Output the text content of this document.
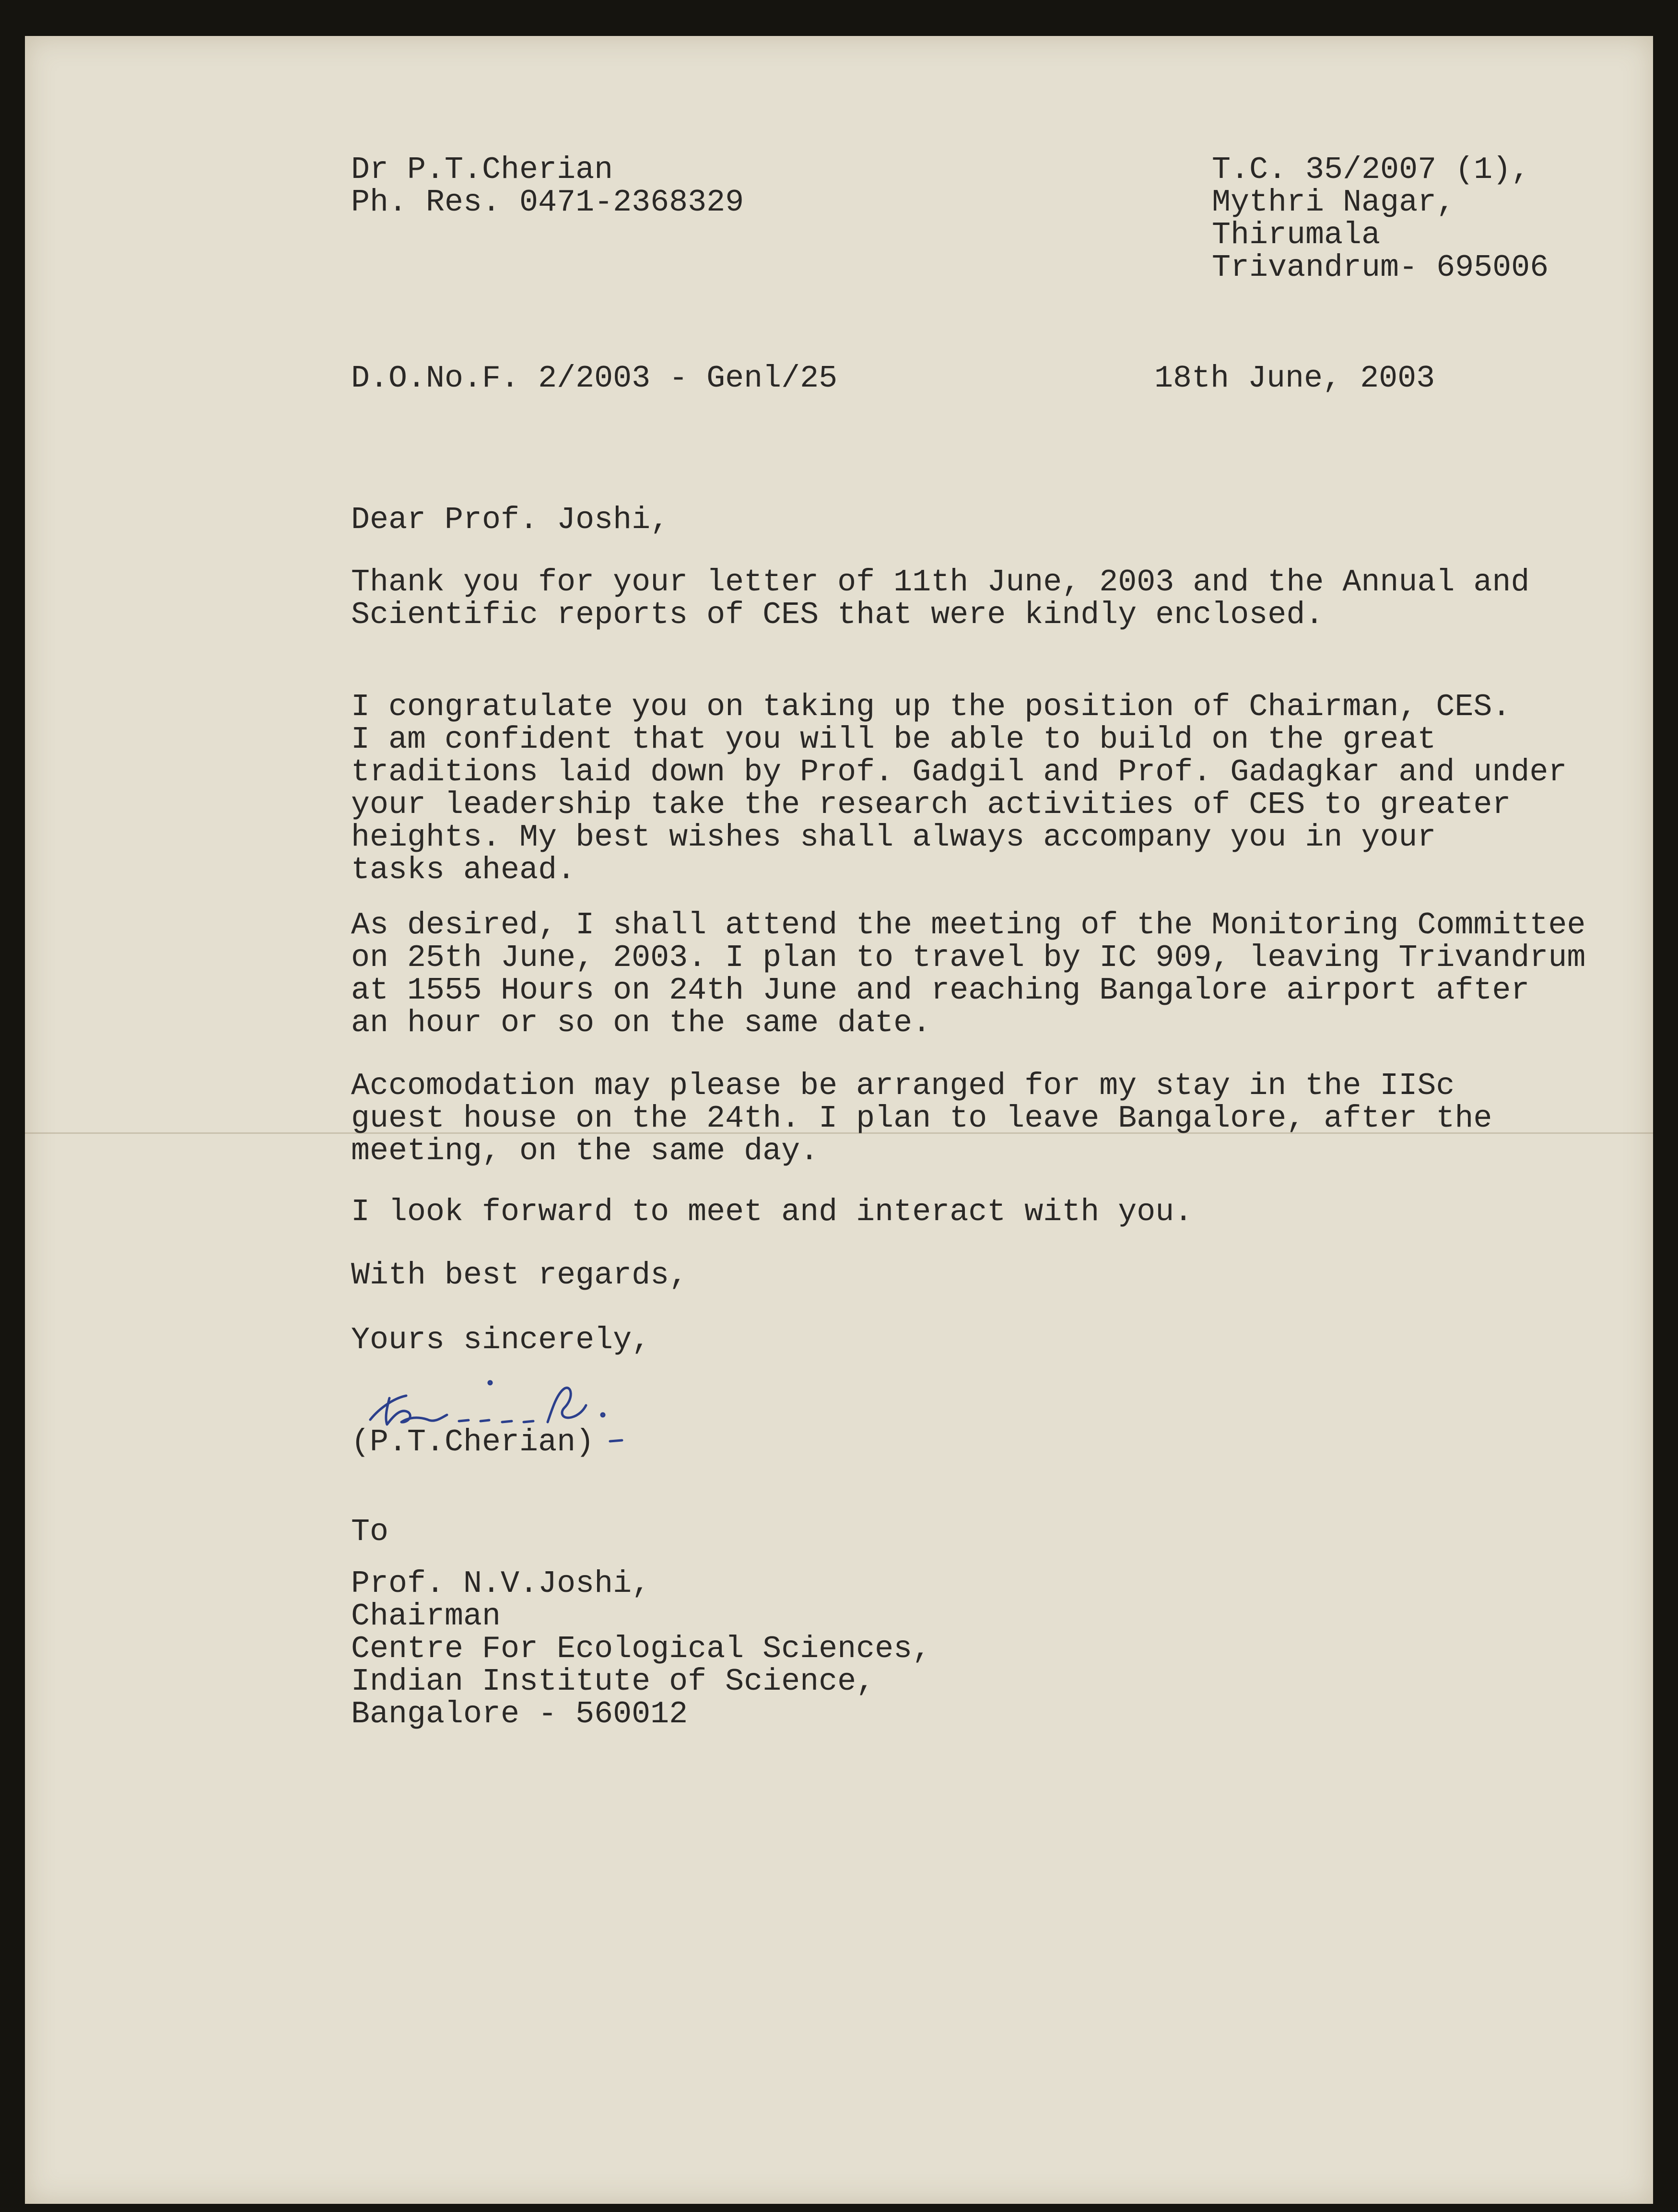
Dr P.T.Cherian
Ph. Res. 0471-2368329
T.C. 35/2007 (1),
Mythri Nagar,
Thirumala
Trivandrum- 695006
D.O.No.F. 2/2003 - Genl/25	18th June, 2003
Dear Prof. Joshi,
Thank you for your letter of 11th June, 2003 and the Annual and
Scientific reports of CES that were kindly enclosed.
I congratulate you on taking up the position of Chairman, CES.
I am confident that you will be able to build on the great
traditions laid down by Prof. Gadgil and Prof. Gadagkar and under
your leadership take the research activities of CES to greater
heights. My best wishes shall always accompany you in your
tasks ahead.
As desired, I shall attend the meeting of the Monitoring Committee
on 25th June, 2003. I plan to travel by IC 909, leaving Trivandrum
at 1555 Hours on 24th June and reaching Bangalore airport after
an hour or so on the same date.
Accomodation may please be arranged for my stay in the IISc
guest house on the 24th. I plan to leave Bangalore, after the
meeting, on the same day.
I look forward to meet and interact with you.
With best regards,
Yours sincerely,
(P.T.Cherian)
To
Prof. N.V.Joshi,
Chairman
Centre For Ecological Sciences,
Indian Institute of Science,
Bangalore - 560012
